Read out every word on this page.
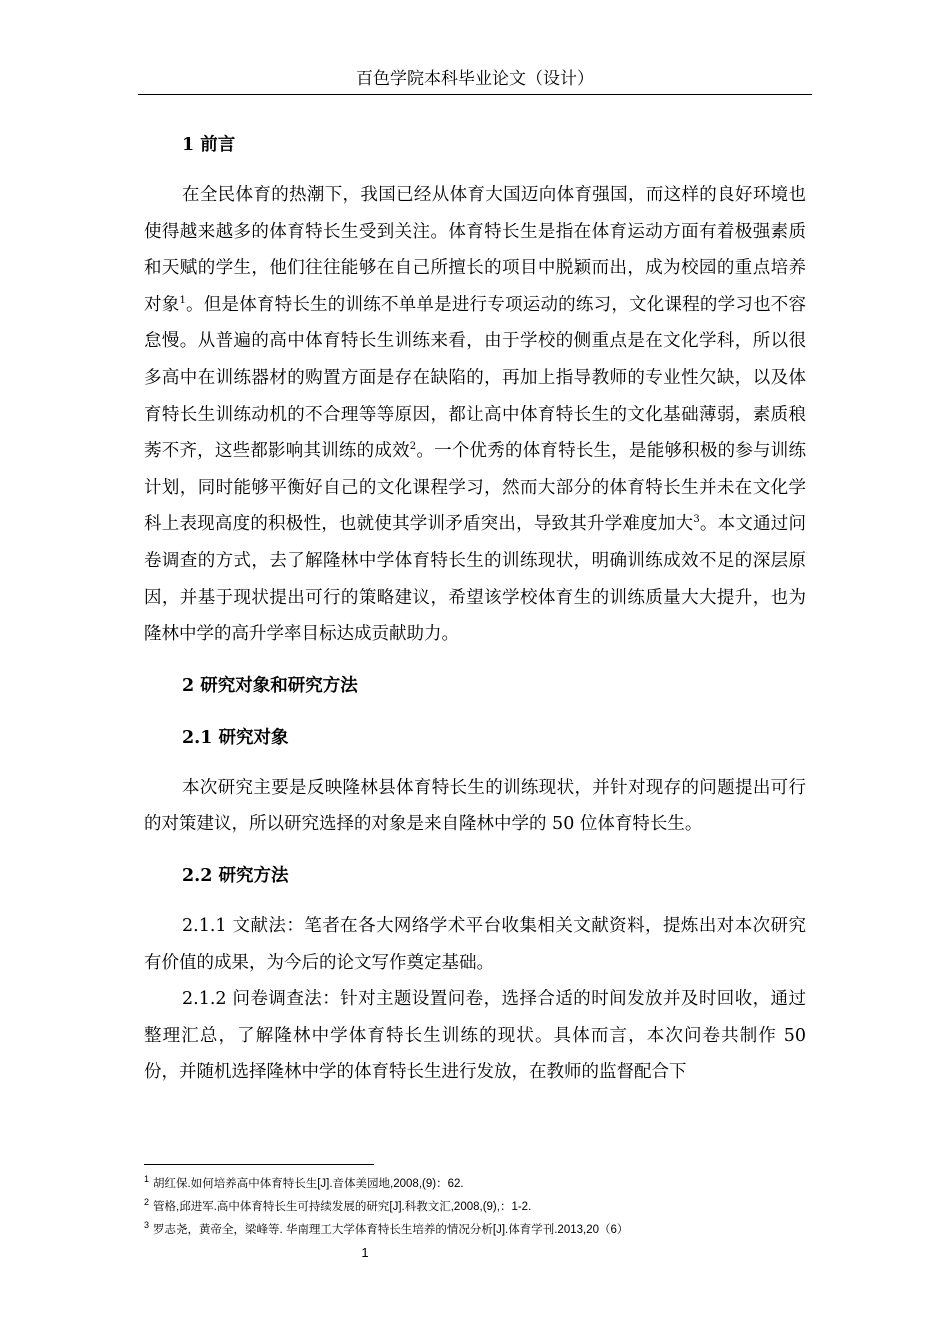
百色学院本科毕业论文（设计）
1 前言

在全民体育的热潮下，我国已经从体育大国迈向体育强国，而这样的良好环境也使得越来越多的体育特长生受到关注。体育特长生是指在体育运动方面有着极强素质和天赋的学生，他们往往能够在自己所擅长的项目中脱颖而出，成为校园的重点培养对象$^1$。但是体育特长生的训练不单单是进行专项运动的练习，文化课程的学习也不容怠慢。从普遍的高中体育特长生训练来看，由于学校的侧重点是在文化学科，所以很多高中在训练器材的购置方面是存在缺陷的，再加上指导教师的专业性欠缺，以及体育特长生训练动机的不合理等等原因，都让高中体育特长生的文化基础薄弱，素质稂莠不齐，这些都影响其训练的成效$^2$。一个优秀的体育特长生，是能够积极的参与训练计划，同时能够平衡好自己的文化课程学习，然而大部分的体育特长生并未在文化学科上表现高度的积极性，也就使其学训矛盾突出，导致其升学难度加大$^3$。本文通过问卷调查的方式，去了解隆林中学体育特长生的训练现状，明确训练成效不足的深层原因，并基于现状提出可行的策略建议，希望该学校体育生的训练质量大大提升，也为隆林中学的高升学率目标达成贡献助力。

2 研究对象和研究方法
2.1 研究对象

本次研究主要是反映隆林县体育特长生的训练现状，并针对现存的问题提出可行的对策建议，所以研究选择的对象是来自隆林中学的 50 位体育特长生。

2.2 研究方法

2.1.1 文献法：笔者在各大网络学术平台收集相关文献资料，提炼出对本次研究有价值的成果，为今后的论文写作奠定基础。

2.1.2 问卷调查法：针对主题设置问卷，选择合适的时间发放并及时回收，通过整理汇总，了解隆林中学体育特长生训练的现状。具体而言，本次问卷共制作 50 份，并随机选择隆林中学的体育特长生进行发放，在教师的监督配合下

$^1$ 胡红保.如何培养高中体育特长生[J].音体美园地,2008,(9)：62.
$^2$ 管格,邱进军.高中体育特长生可持续发展的研究[J].科教文汇,2008,(9),：1-2.
$^3$ 罗志尧，黄帝全，梁峰等. 华南理工大学体育特长生培养的情况分析[J].体育学刊.2013,20（6）
1
